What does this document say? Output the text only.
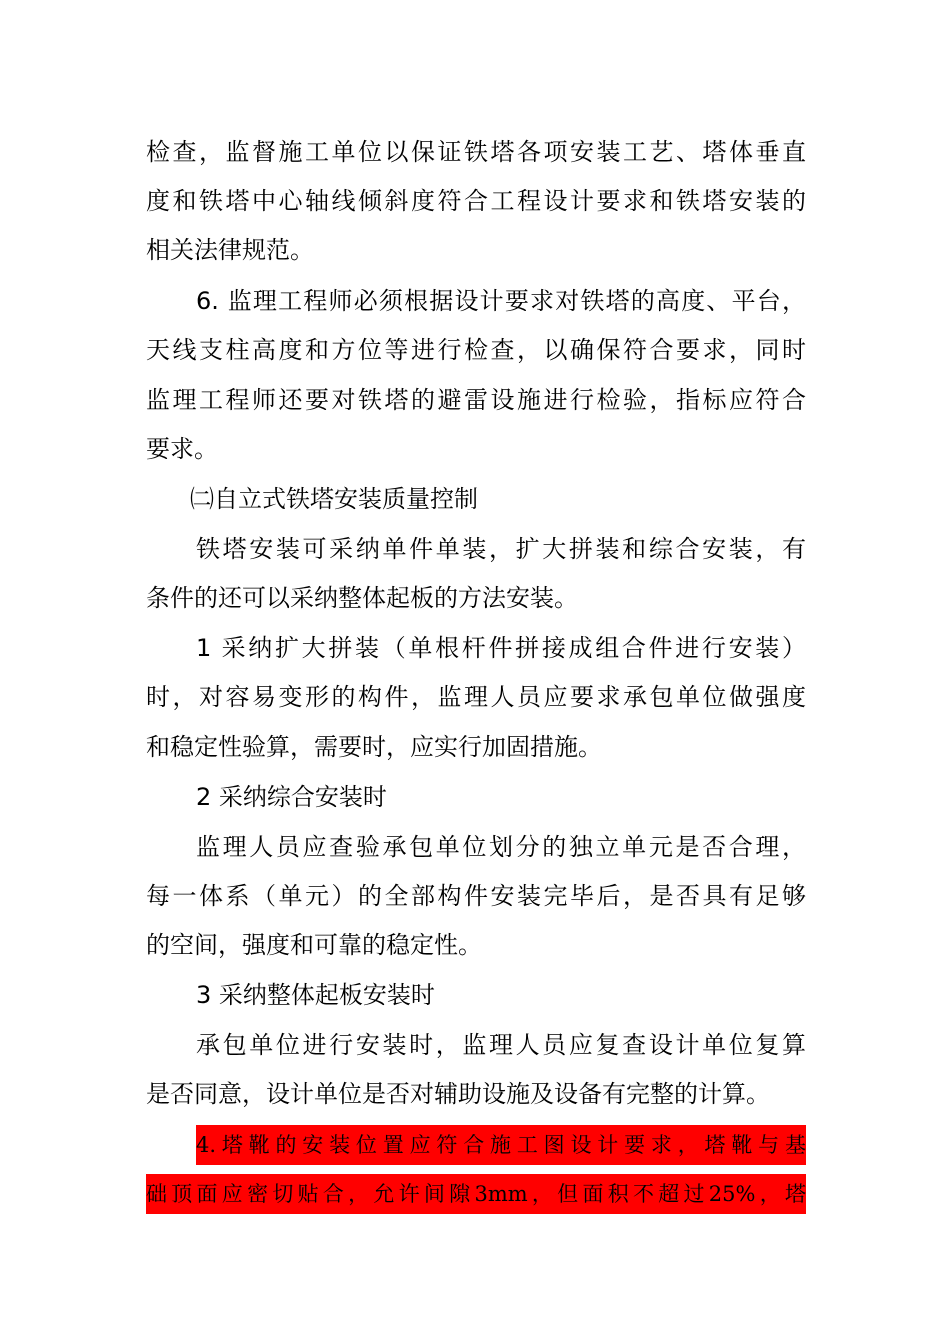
检查，监督施工单位以保证铁塔各项安装工艺、塔体垂直
度和铁塔中心轴线倾斜度符合工程设计要求和铁塔安装的
相关法律规范。
6. 监理工程师必须根据设计要求对铁塔的高度、平台，
天线支柱高度和方位等进行检查，以确保符合要求，同时
监理工程师还要对铁塔的避雷设施进行检验，指标应符合
要求。
㈡自立式铁塔安装质量控制
铁塔安装可采纳单件单装，扩大拼装和综合安装，有
条件的还可以采纳整体起板的方法安装。
1 采纳扩大拼装（单根杆件拼接成组合件进行安装）
时，对容易变形的构件，监理人员应要求承包单位做强度
和稳定性验算，需要时，应实行加固措施。
2 采纳综合安装时
监理人员应查验承包单位划分的独立单元是否合理，
每一体系（单元）的全部构件安装完毕后，是否具有足够
的空间，强度和可靠的稳定性。
3 采纳整体起板安装时
承包单位进行安装时，监理人员应复查设计单位复算
是否同意，设计单位是否对辅助设施及设备有完整的计算。
4.塔靴的安装位置应符合施工图设计要求，塔靴与基
础顶面应密切贴合，允许间隙3mm，但面积不超过25%，塔
